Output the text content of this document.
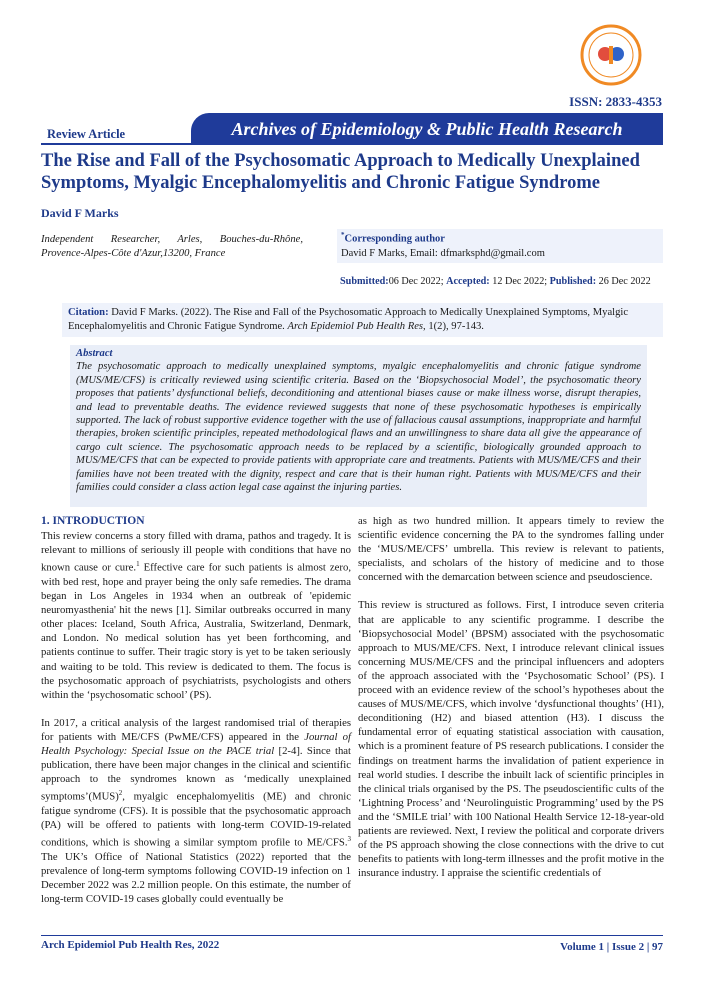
ISSN: 2833-4353
Review Article	Archives of Epidemiology & Public Health Research
The Rise and Fall of the Psychosomatic Approach to Medically Unexplained Symptoms, Myalgic Encephalomyelitis and Chronic Fatigue Syndrome
David F Marks
Independent Researcher, Arles, Bouches-du-Rhône, Provence-Alpes-Côte d'Azur,13200, France
*Corresponding author
David F Marks, Email: dfmarksphd@gmail.com
Submitted:06 Dec 2022; Accepted: 12 Dec 2022; Published: 26 Dec 2022
Citation: David F Marks. (2022). The Rise and Fall of the Psychosomatic Approach to Medically Unexplained Symptoms, Myalgic Encephalomyelitis and Chronic Fatigue Syndrome. Arch Epidemiol Pub Health Res, 1(2), 97-143.
Abstract
The psychosomatic approach to medically unexplained symptoms, myalgic encephalomyelitis and chronic fatigue syndrome (MUS/ME/CFS) is critically reviewed using scientific criteria. Based on the ‘Biopsychosocial Model’, the psychosomatic theory proposes that patients’ dysfunctional beliefs, deconditioning and attentional biases cause or make illness worse, disrupt therapies, and lead to preventable deaths. The evidence reviewed suggests that none of these psychosomatic hypotheses is empirically supported. The lack of robust supportive evidence together with the use of fallacious causal assumptions, inappropriate and harmful therapies, broken scientific principles, repeated methodological flaws and an unwillingness to share data all give the appearance of cargo cult science. The psychosomatic approach needs to be replaced by a scientific, biologically grounded approach to MUS/ME/CFS that can be expected to provide patients with appropriate care and treatments. Patients with MUS/ME/CFS and their families have not been treated with the dignity, respect and care that is their human right. Patients with MUS/ME/CFS and their families could consider a class action legal case against the injuring parties.
1. INTRODUCTION

This review concerns a story filled with drama, pathos and tragedy. It is relevant to millions of seriously ill people with conditions that have no known cause or cure.$^1$ Effective care for such patients is almost zero, with bed rest, hope and prayer being the only safe remedies. The drama began in Los Angeles in 1934 when an outbreak of 'epidemic neuromyasthenia' hit the news [1]. Similar outbreaks occurred in many other places: Iceland, South Africa, Australia, Switzerland, Denmark, and London. No medical solution has yet been forthcoming, and patients continue to suffer. Their tragic story is yet to be taken seriously and waiting to be told. This review is dedicated to them. The focus is the psychosomatic approach of psychiatrists, psychologists and others within the ‘psychosomatic school’ (PS).

In 2017, a critical analysis of the largest randomised trial of therapies for patients with ME/CFS (PwME/CFS) appeared in the Journal of Health Psychology: Special Issue on the PACE trial [2-4]. Since that publication, there have been major changes in the clinical and scientific approach to the syndromes known as ‘medically unexplained symptoms’(MUS)$^2$, myalgic encephalomyelitis (ME) and chronic fatigue syndrome (CFS). It is possible that the psychosomatic approach (PA) will be offered to patients with long-term COVID-19-related conditions, which is showing a similar symptom profile to ME/CFS.$^3$ The UK’s Office of National Statistics (2022) reported that the prevalence of long-term symptoms following COVID-19 infection on 1 December 2022 was 2.2 million people. On this estimate, the number of long-term COVID-19 cases globally could eventually be

as high as two hundred million. It appears timely to review the scientific evidence concerning the PA to the syndromes falling under the ‘MUS/ME/CFS’ umbrella. This review is relevant to patients, specialists, and scholars of the history of medicine and to those concerned with the demarcation between science and pseudoscience.

This review is structured as follows. First, I introduce seven criteria that are applicable to any scientific programme. I describe the ‘Biopsychosocial Model’ (BPSM) associated with the psychosomatic approach to MUS/ME/CFS. Next, I introduce relevant clinical issues concerning MUS/ME/CFS and the principal influencers and adopters of the approach associated with the ‘Psychosomatic School’ (PS). I proceed with an evidence review of the school’s hypotheses about the causes of MUS/ME/CFS, which involve ‘dysfunctional thoughts’ (H1), deconditioning (H2) and biased attention (H3). I discuss the fundamental error of equating statistical association with causation, which is a prominent feature of PS research publications. I consider the findings on treatment harms the invalidation of patient experience in real world studies. I describe the inbuilt lack of scientific principles in the clinical trials organised by the PS. The pseudoscientific cults of the ‘Lightning Process’ and ‘Neurolinguistic Programming’ used by the PS and the ‘SMILE trial’ with 100 National Health Service 12-18-year-old patients are reviewed. Next, I review the political and corporate drivers of the PS approach showing the close connections with the drive to cut benefits to patients with long-term illnesses and the profit motive in the insurance industry. I appraise the scientific credentials of

Arch Epidemiol Pub Health Res, 2022	Volume 1 | Issue 2 | 97
